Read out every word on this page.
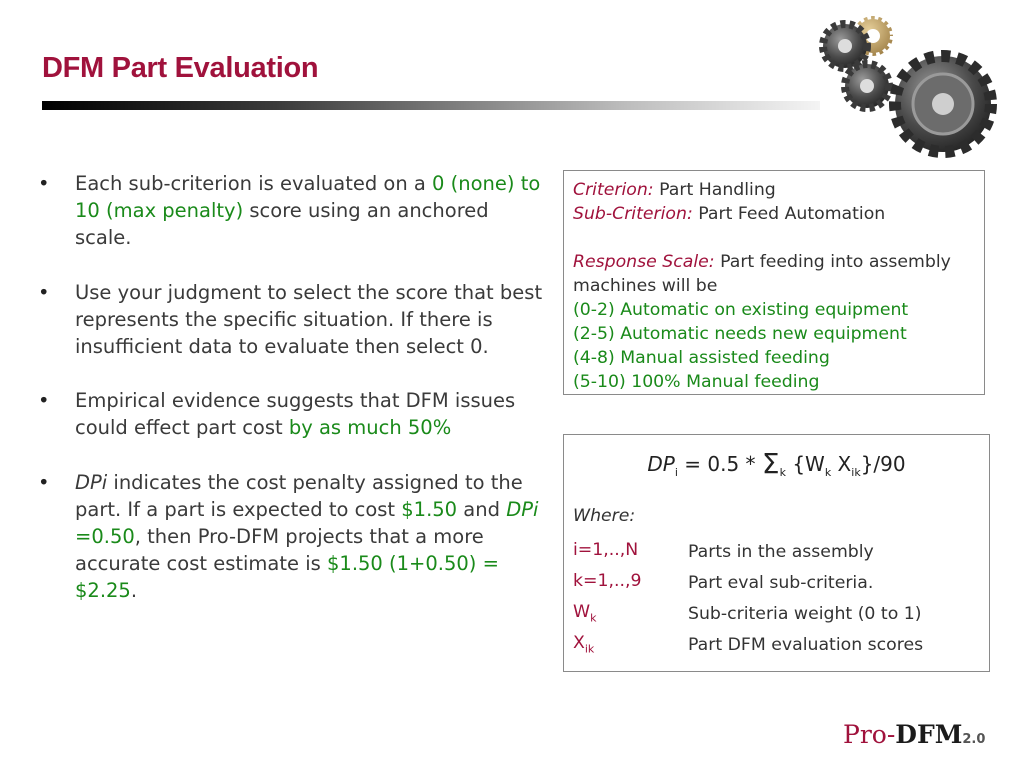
DFM Part Evaluation
• Each sub-criterion is evaluated on a 0 (none) to 10 (max penalty) score using an anchored scale.
• Use your judgment to select the score that best represents the specific situation. If there is insufficient data to evaluate then select 0.
• Empirical evidence suggests that DFM issues could effect part cost by as much 50%
• DPi indicates the cost penalty assigned to the part. If a part is expected to cost $1.50 and DPi =0.50, then Pro-DFM projects that a more accurate cost estimate is $1.50 (1+0.50) = $2.25.
Criterion: Part Handling
Sub-Criterion: Part Feed Automation
Response Scale: Part feeding into assembly machines will be
(0-2) Automatic on existing equipment
(2-5) Automatic needs new equipment
(4-8) Manual assisted feeding
(5-10) 100% Manual feeding
$DP_i = 0.5 * \Sigma_k$ {$W_k$ $X_{ik}\}/90$
Where:
i=1,..,N	Parts in the assembly
k=1,..,9	Part eval sub-criteria.
$W_k$	Sub-criteria weight (0 to 1)
$X_{ik}$	Part DFM evaluation scores
Pro-DFM2.0
